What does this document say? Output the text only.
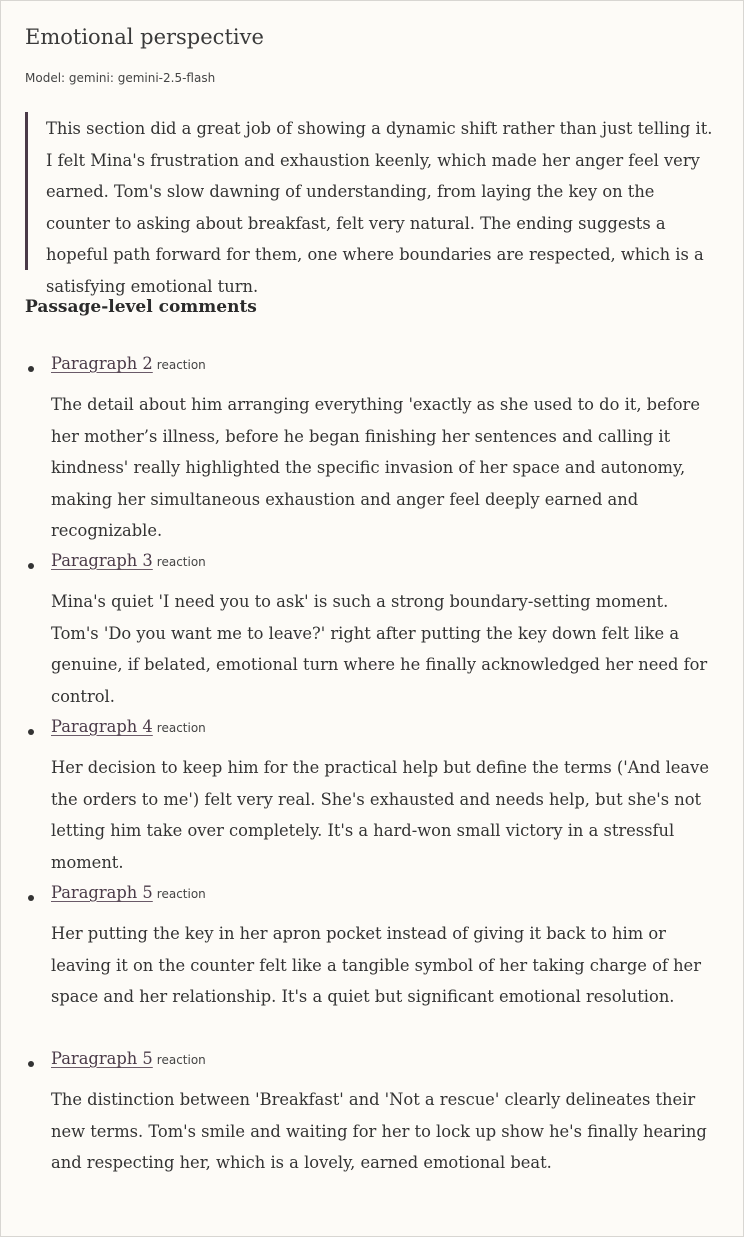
Emotional perspective
Model: gemini: gemini-2.5-flash
This section did a great job of showing a dynamic shift rather than just telling it. I felt Mina's frustration and exhaustion keenly, which made her anger feel very earned. Tom's slow dawning of understanding, from laying the key on the counter to asking about breakfast, felt very natural. The ending suggests a hopeful path forward for them, one where boundaries are respected, which is a satisfying emotional turn.
Passage-level comments
Paragraph 2 reaction
The detail about him arranging everything 'exactly as she used to do it, before her mother’s illness, before he began finishing her sentences and calling it kindness' really highlighted the specific invasion of her space and autonomy, making her simultaneous exhaustion and anger feel deeply earned and recognizable.
Paragraph 3 reaction
Mina's quiet 'I need you to ask' is such a strong boundary-setting moment. Tom's 'Do you want me to leave?' right after putting the key down felt like a genuine, if belated, emotional turn where he finally acknowledged her need for control.
Paragraph 4 reaction
Her decision to keep him for the practical help but define the terms ('And leave the orders to me') felt very real. She's exhausted and needs help, but she's not letting him take over completely. It's a hard-won small victory in a stressful moment.
Paragraph 5 reaction
Her putting the key in her apron pocket instead of giving it back to him or leaving it on the counter felt like a tangible symbol of her taking charge of her space and her relationship. It's a quiet but significant emotional resolution.
Paragraph 5 reaction
The distinction between 'Breakfast' and 'Not a rescue' clearly delineates their new terms. Tom's smile and waiting for her to lock up show he's finally hearing and respecting her, which is a lovely, earned emotional beat.
